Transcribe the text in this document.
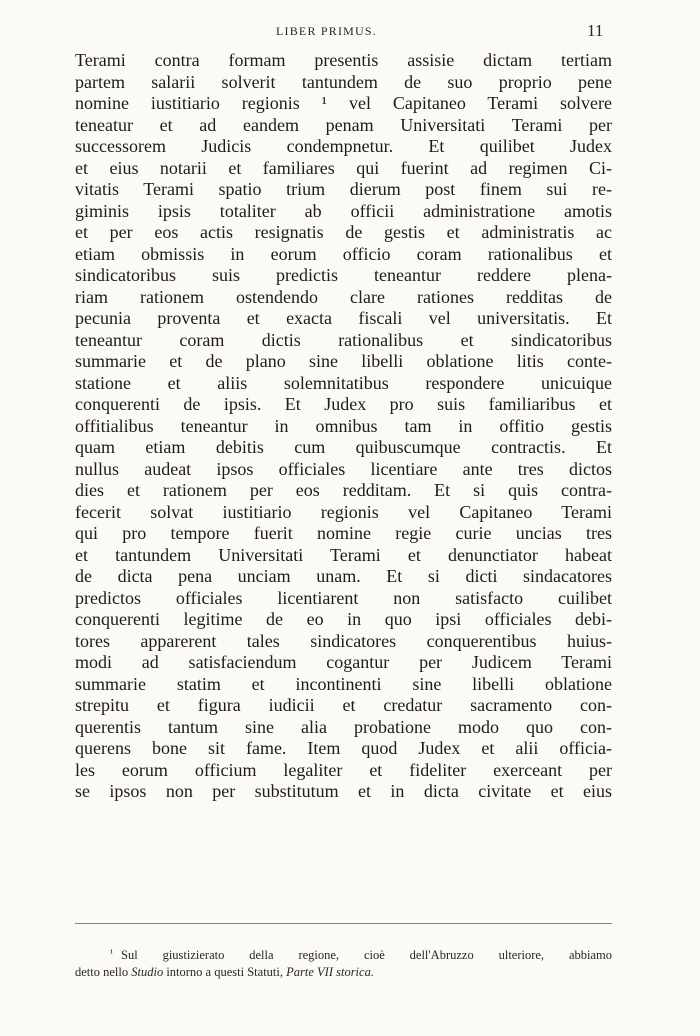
LIBER PRIMUS.	11
Terami contra formam presentis assisie dictam tertiam
partem salarii solverit tantundem de suo proprio pene
nomine iustitiario regionis ¹ vel Capitaneo Terami solvere
teneatur et ad eandem penam Universitati Terami per
successorem Judicis condempnetur. Et quilibet Judex
et eius notarii et familiares qui fuerint ad regimen Ci-
vitatis Terami spatio trium dierum post finem sui re-
giminis ipsis totaliter ab officii administratione amotis
et per eos actis resignatis de gestis et administratis ac
etiam obmissis in eorum officio coram rationalibus et
sindicatoribus suis predictis teneantur reddere plena-
riam rationem ostendendo clare rationes redditas de
pecunia proventa et exacta fiscali vel universitatis. Et
teneantur coram dictis rationalibus et sindicatoribus
summarie et de plano sine libelli oblatione litis conte-
statione et aliis solemnitatibus respondere unicuique
conquerenti de ipsis. Et Judex pro suis familiaribus et
offitialibus teneantur in omnibus tam in offitio gestis
quam etiam debitis cum quibuscumque contractis. Et
nullus audeat ipsos officiales licentiare ante tres dictos
dies et rationem per eos redditam. Et si quis contra-
fecerit solvat iustitiario regionis vel Capitaneo Terami
qui pro tempore fuerit nomine regie curie uncias tres
et tantundem Universitati Terami et denunctiator habeat
de dicta pena unciam unam. Et si dicti sindacatores
predictos officiales licentiarent non satisfacto cuilibet
conquerenti legitime de eo in quo ipsi officiales debi-
tores apparerent tales sindicatores conquerentibus huius-
modi ad satisfaciendum cogantur per Judicem Terami
summarie statim et incontinenti sine libelli oblatione
strepitu et figura iudicii et credatur sacramento con-
querentis tantum sine alia probatione modo quo con-
querens bone sit fame. Item quod Judex et alii officia-
les eorum officium legaliter et fideliter exerceant per
se ipsos non per substitutum et in dicta civitate et eius
$^{^1}$ Sul giustizierato della regione, cioè dell'Abruzzo ulteriore, abbiamo
detto nello Studio intorno a questi Statuti, Parte VII storica.
